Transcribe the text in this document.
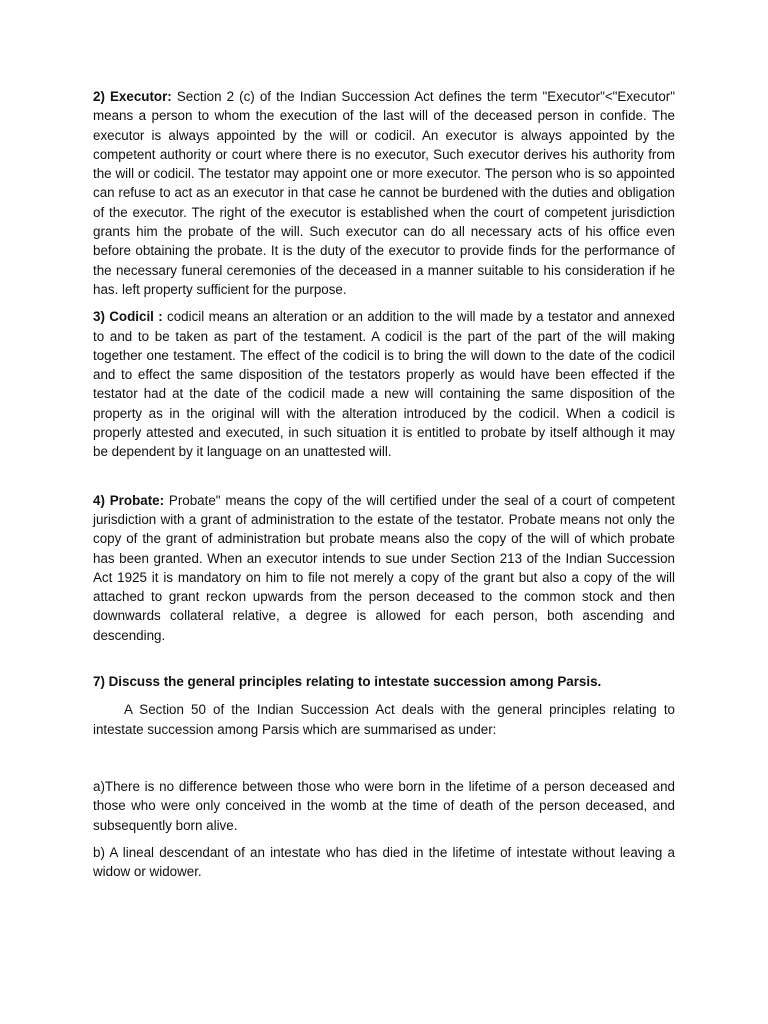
2) Executor: Section 2 (c) of the Indian Succession Act defines the term "Executor"<"Executor" means a person to whom the execution of the last will of the deceased person in confide. The executor is always appointed by the will or codicil. An executor is always appointed by the competent authority or court where there is no executor, Such executor derives his authority from the will or codicil. The testator may appoint one or more executor. The person who is so appointed can refuse to act as an executor in that case he cannot be burdened with the duties and obligation of the executor. The right of the executor is established when the court of competent jurisdiction grants him the probate of the will. Such executor can do all necessary acts of his office even before obtaining the probate. It is the duty of the executor to provide finds for the performance of the necessary funeral ceremonies of the deceased in a manner suitable to his consideration if he has. left property sufficient for the purpose.

3) Codicil : codicil means an alteration or an addition to the will made by a testator and annexed to and to be taken as part of the testament. A codicil is the part of the part of the will making together one testament. The effect of the codicil is to bring the will down to the date of the codicil and to effect the same disposition of the testators properly as would have been effected if the testator had at the date of the codicil made a new will containing the same disposition of the property as in the original will with the alteration introduced by the codicil. When a codicil is properly attested and executed, in such situation it is entitled to probate by itself although it may be dependent by it language on an unattested will.

4) Probate: Probate" means the copy of the will certified under the seal of a court of competent jurisdiction with a grant of administration to the estate of the testator. Probate means not only the copy of the grant of administration but probate means also the copy of the will of which probate has been granted. When an executor intends to sue under Section 213 of the Indian Succession Act 1925 it is mandatory on him to file not merely a copy of the grant but also a copy of the will attached to grant reckon upwards from the person deceased to the common stock and then downwards collateral relative, a degree is allowed for each person, both ascending and descending.

7) Discuss the general principles relating to intestate succession among Parsis.

A Section 50 of the Indian Succession Act deals with the general principles relating to intestate succession among Parsis which are summarised as under:

a)There is no difference between those who were born in the lifetime of a person deceased and those who were only conceived in the womb at the time of death of the person deceased, and subsequently born alive.

b) A lineal descendant of an intestate who has died in the lifetime of intestate without leaving a widow or widower.
